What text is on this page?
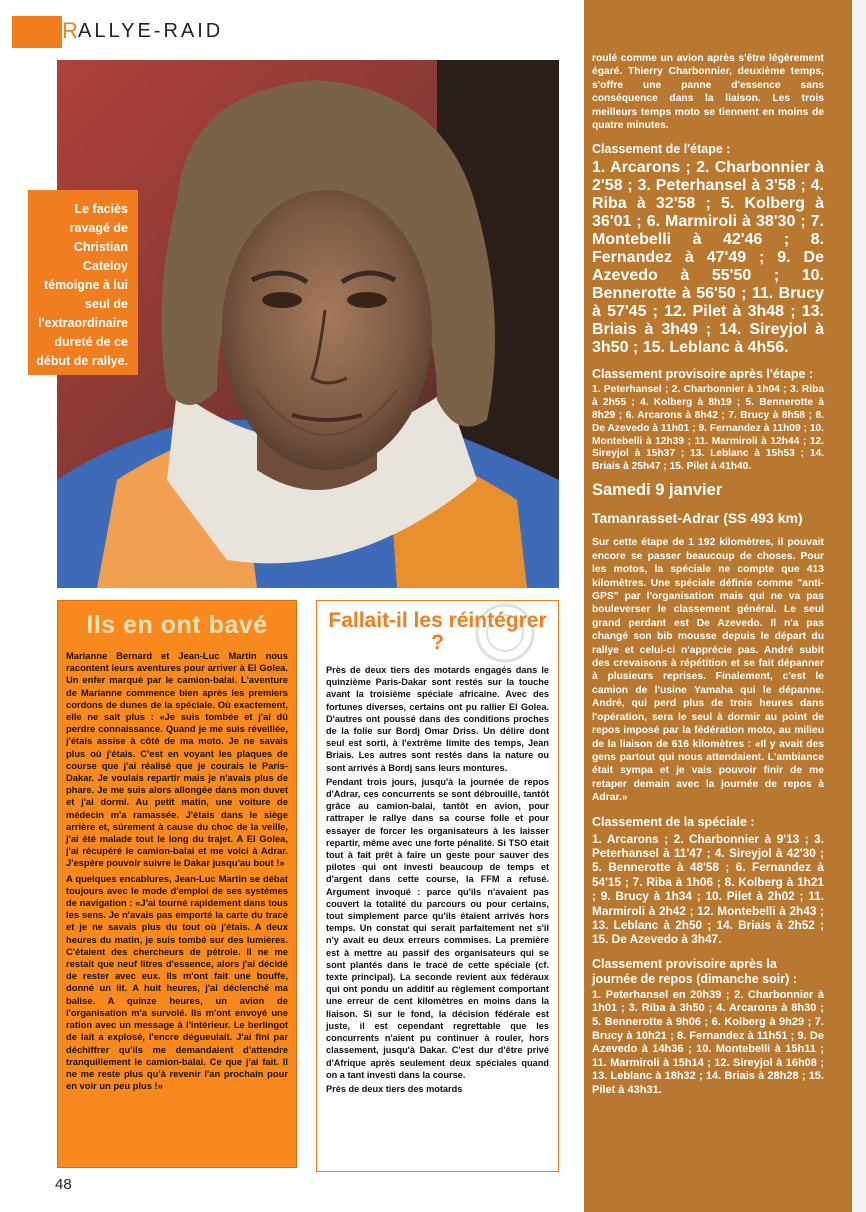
R
ALLYE-RAID
Le faciès ravagé de Christian Cateloy témoigne à lui seul de l'extraordinaire dureté de ce début de rallye.
Ils en ont bavé

Marianne Bernard et Jean-Luc Martin nous racontent leurs aventures pour arriver à El Golea. Un enfer marqué par le camion-balai. L'aventure de Marianne commence bien après les premiers cordons de dunes de la spéciale. Où exactement, elle ne sait plus : «Je suis tombée et j'ai dû perdre connaissance. Quand je me suis réveillée, j'étais assise à côté de ma moto. Je ne savais plus où j'étais. C'est en voyant les plaques de course que j'ai réalisé que je courais le Paris-Dakar. Je voulais repartir mais je n'avais plus de phare. Je me suis alors allongée dans mon duvet et j'ai dormi. Au petit matin, une voiture de médecin m'a ramassée. J'étais dans le siège arrière et, sûrement à cause du choc de la veille, j'ai été malade tout le long du trajet. A El Golea, j'ai récupéré le camion-balai et me voici à Adrar. J'espère pouvoir suivre le Dakar jusqu'au bout !»

A quelques encablures, Jean-Luc Martin se débat toujours avec le mode d'emploi de ses systèmes de navigation : «J'ai tourné rapidement dans tous les sens. Je n'avais pas emporté la carte du tracé et je ne savais plus du tout où j'étais. A deux heures du matin, je suis tombé sur des lumières. C'étaient des chercheurs de pétrole. Il ne me restait que neuf litres d'essence, alors j'ai décidé de rester avec eux. Ils m'ont fait une bouffe, donné un lit. A huit heures, j'ai déclenché ma balise. A quinze heures, un avion de l'organisation m'a survolé. Ils m'ont envoyé une ration avec un message à l'intérieur. Le berlingot de lait a explosé, l'encre dégueulait. J'ai fini par déchiffrer qu'ils me demandaient d'attendre tranquillement le camion-balai. Ce que j'ai fait. Il ne me reste plus qu'à revenir l'an prochain pour en voir un peu plus !»

Fallait-il les réintégrer ?

Près de deux tiers des motards engagés dans le quinzième Paris-Dakar sont restés sur la touche avant la troisième spéciale africaine. Avec des fortunes diverses, certains ont pu rallier El Golea. D'autres ont poussé dans des conditions proches de la folie sur Bordj Omar Driss. Un délire dont seul est sorti, à l'extrême limite des temps, Jean Briais. Les autres sont restés dans la nature ou sont arrivés à Bordj sans leurs montures.

Pendant trois jours, jusqu'à la journée de repos d'Adrar, ces concurrents se sont débrouillé, tantôt grâce au camion-balai, tantôt en avion, pour rattraper le rallye dans sa course folle et pour essayer de forcer les organisateurs à les laisser repartir, même avec une forte pénalité. Si TSO était tout à fait prêt à faire un geste pour sauver des pilotes qui ont investi beaucoup de temps et d'argent dans cette course, la FFM a refusé. Argument invoqué : parce qu'ils n'avaient pas couvert la totalité du parcours ou pour certains, tout simplement parce qu'ils étaient arrivés hors temps. Un constat qui serait parfaitement net s'il n'y avait eu deux erreurs commises. La première est à mettre au passif des organisateurs qui se sont plantés dans le tracé de cette spéciale (cf. texte principal). La seconde revient aux fédéraux qui ont pondu un additif au règlement comportant une erreur de cent kilomètres en moins dans la liaison. Si sur le fond, la décision fédérale est juste, il est cependant regrettable que les concurrents n'aient pu continuer à rouler, hors classement, jusqu'à Dakar. C'est dur d'être privé d'Afrique après seulement deux spéciales quand on a tant investi dans la course.

Près de deux tiers des motards

roulé comme un avion après s'être légèrement égaré. Thierry Charbonnier, deuxième temps, s'offre une panne d'essence sans conséquence dans la liaison. Les trois meilleurs temps moto se tiennent en moins de quatre minutes.

Classement de l'étape :

1. Arcarons ; 2. Charbonnier à 2'58 ; 3. Peterhansel à 3'58 ; 4. Riba à 32'58 ; 5. Kolberg à 36'01 ; 6. Marmiroli à 38'30 ; 7. Montebelli à 42'46 ; 8. Fernandez à 47'49 ; 9. De Azevedo à 55'50 ; 10. Bennerotte à 56'50 ; 11. Brucy à 57'45 ; 12. Pilet à 3h48 ; 13. Briais à 3h49 ; 14. Sireyjol à 3h50 ; 15. Leblanc à 4h56.

Classement provisoire après l'étape :

1. Peterhansel ; 2. Charbonnier à 1h04 ; 3. Riba à 2h55 ; 4. Kolberg à 8h19 ; 5. Bennerotte à 8h29 ; 6. Arcarons à 8h42 ; 7. Brucy à 8h58 ; 8. De Azevedo à 11h01 ; 9. Fernandez à 11h09 ; 10. Montebelli à 12h39 ; 11. Marmiroli à 12h44 ; 12. Sireyjol à 15h37 ; 13. Leblanc à 15h53 ; 14. Briais à 25h47 ; 15. Pilet à 41h40.

Samedi 9 janvier
Tamanrasset-Adrar (SS 493 km)

Sur cette étape de 1 192 kilomètres, il pouvait encore se passer beaucoup de choses. Pour les motos, la spéciale ne compte que 413 kilomètres. Une spéciale définie comme "anti-GPS" par l'organisation mais qui ne va pas bouleverser le classement général. Le seul grand perdant est De Azevedo. Il n'a pas changé son bib mousse depuis le départ du rallye et celui-ci n'apprécie pas. André subit des crevaisons à répétition et se fait dépanner à plusieurs reprises. Finalement, c'est le camion de l'usine Yamaha qui le dépanne. André, qui perd plus de trois heures dans l'opération, sera le seul à dormir au point de repos imposé par la fédération moto, au milieu de la liaison de 616 kilomètres : «Il y avait des gens partout qui nous attendaient. L'ambiance était sympa et je vais pouvoir finir de me retaper demain avec la journée de repos à Adrar.»

Classement de la spéciale :

1. Arcarons ; 2. Charbonnier à 9'13 ; 3. Peterhansel à 11'47 ; 4. Sireyjol à 42'30 ; 5. Bennerotte à 48'58 ; 6. Fernandez à 54'15 ; 7. Riba à 1h06 ; 8. Kolberg à 1h21 ; 9. Brucy à 1h34 ; 10. Pilet à 2h02 ; 11. Marmiroli à 2h42 ; 12. Montebelli à 2h43 ; 13. Leblanc à 2h50 ; 14. Briais à 2h52 ; 15. De Azevedo à 3h47.

Classement provisoire après la journée de repos (dimanche soir) :

1. Peterhansel en 20h39 ; 2. Charbonnier à 1h01 ; 3. Riba à 3h50 ; 4. Arcarons à 8h30 ; 5. Bennerotte à 9h06 ; 6. Kolberg à 9h29 ; 7. Brucy à 10h21 ; 8. Fernandez à 11h51 ; 9. De Azevedo à 14h36 ; 10. Montebelli à 15h11 ; 11. Marmiroli à 15h14 ; 12. Sireyjol à 16h08 ; 13. Leblanc à 18h32 ; 14. Briais à 28h28 ; 15. Pilet à 43h31.

48
